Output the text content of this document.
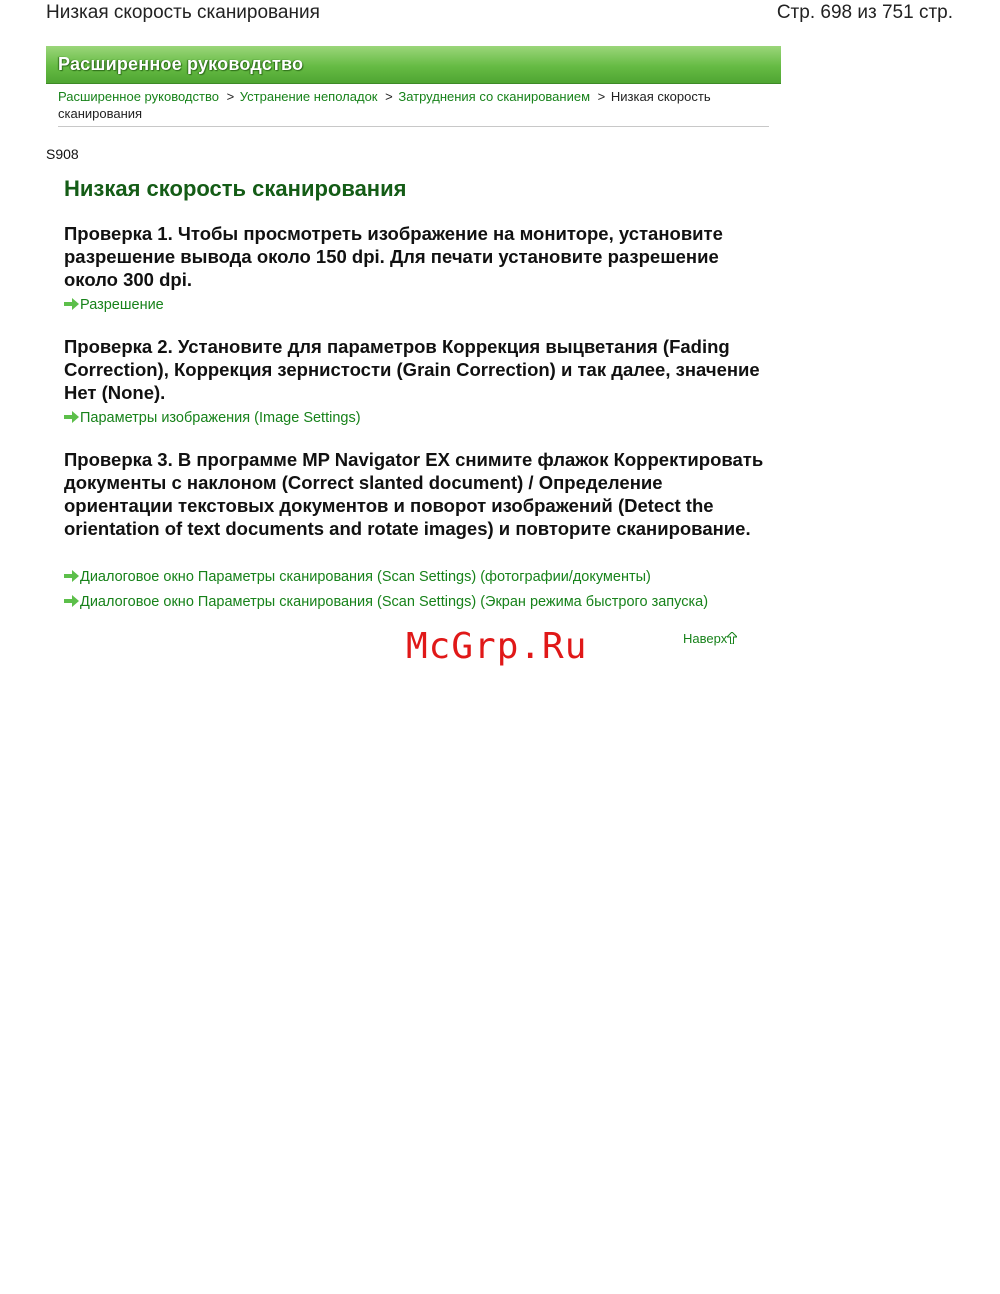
Низкая скорость сканирования	Стр. 698 из 751 стр.
Расширенное руководство
Расширенное руководство > Устранение неполадок > Затруднения со сканированием > Низкая скорость сканирования
S908
Низкая скорость сканирования
Проверка 1. Чтобы просмотреть изображение на мониторе, установите разрешение вывода около 150 dpi. Для печати установите разрешение около 300 dpi.
Разрешение
Проверка 2. Установите для параметров Коррекция выцветания (Fading Correction), Коррекция зернистости (Grain Correction) и так далее, значение Нет (None).
Параметры изображения (Image Settings)
Проверка 3. В программе MP Navigator EX снимите флажок Корректировать документы с наклоном (Correct slanted document) / Определение ориентации текстовых документов и поворот изображений (Detect the orientation of text documents and rotate images) и повторите сканирование.
Диалоговое окно Параметры сканирования (Scan Settings) (фотографии/документы)
Диалоговое окно Параметры сканирования (Scan Settings) (Экран режима быстрого запуска)
McGrp.Ru	Наверх
